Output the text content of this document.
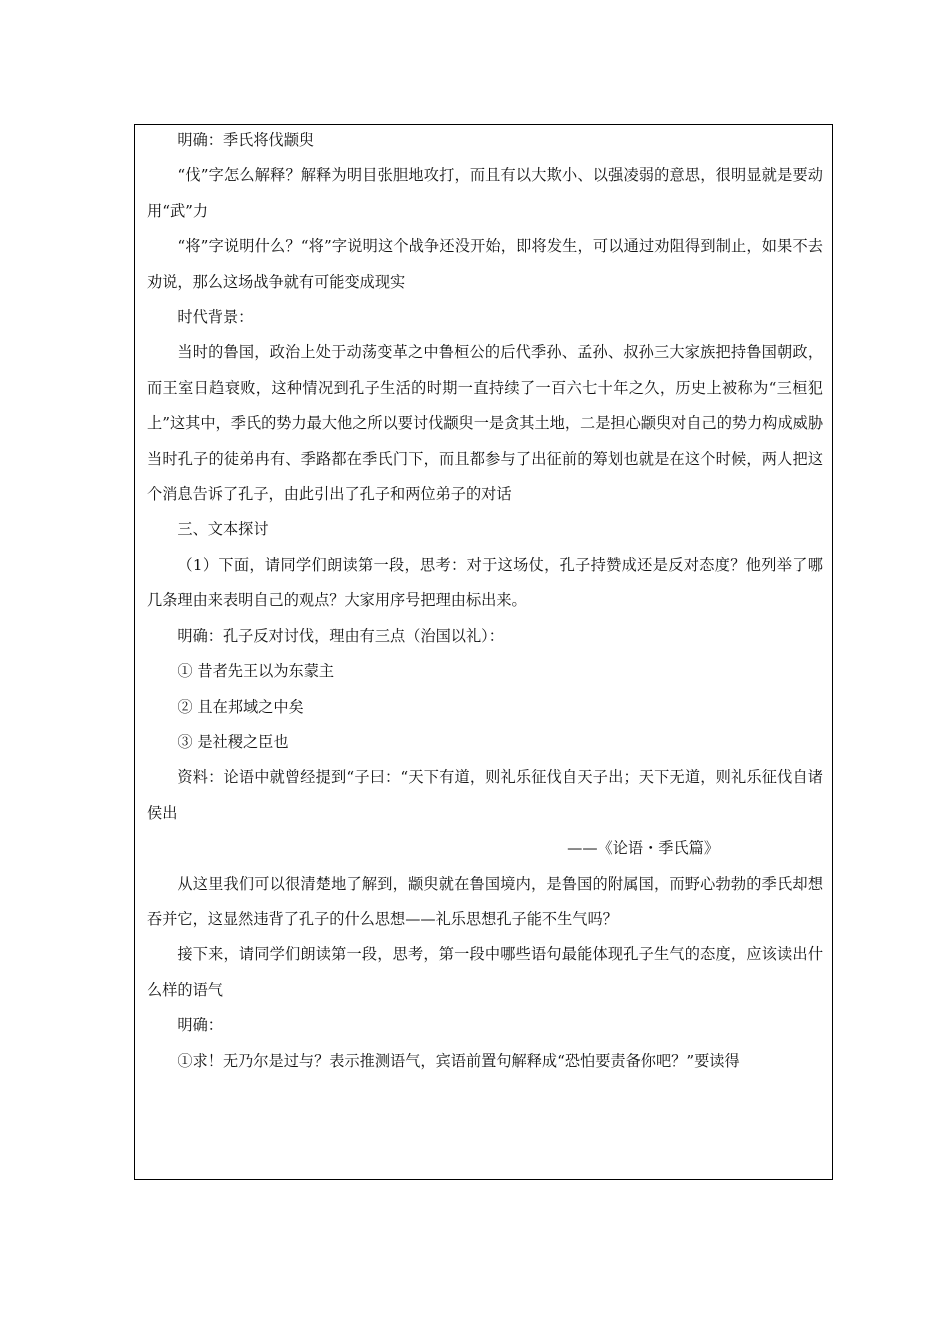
明确：季氏将伐颛臾

“伐”字怎么解释？解释为明目张胆地攻打，而且有以大欺小、以强凌弱的意思，很明显就是要动用“武”力

“将”字说明什么？“将”字说明这个战争还没开始，即将发生，可以通过劝阻得到制止，如果不去劝说，那么这场战争就有可能变成现实

时代背景：

当时的鲁国，政治上处于动荡变革之中鲁桓公的后代季孙、孟孙、叔孙三大家族把持鲁国朝政，而王室日趋衰败，这种情况到孔子生活的时期一直持续了一百六七十年之久，历史上被称为“三桓犯上”这其中，季氏的势力最大他之所以要讨伐颛臾一是贪其土地，二是担心颛臾对自己的势力构成威胁当时孔子的徒弟冉有、季路都在季氏门下，而且都参与了出征前的筹划也就是在这个时候，两人把这个消息告诉了孔子，由此引出了孔子和两位弟子的对话

三、文本探讨

（1）下面，请同学们朗读第一段，思考：对于这场仗，孔子持赞成还是反对态度？他列举了哪几条理由来表明自己的观点？大家用序号把理由标出来。

明确：孔子反对讨伐，理由有三点（治国以礼）：

① 昔者先王以为东蒙主

② 且在邦域之中矣

③ 是社稷之臣也

资料：论语中就曾经提到“子曰：“天下有道，则礼乐征伐自天子出；天下无道，则礼乐征伐自诸侯出

——《论语・季氏篇》

从这里我们可以很清楚地了解到，颛臾就在鲁国境内，是鲁国的附属国，而野心勃勃的季氏却想吞并它，这显然违背了孔子的什么思想——礼乐思想孔子能不生气吗？

接下来，请同学们朗读第一段，思考，第一段中哪些语句最能体现孔子生气的态度，应该读出什么样的语气

明确：

①求！无乃尔是过与？表示推测语气，宾语前置句解释成“恐怕要责备你吧？”要读得
